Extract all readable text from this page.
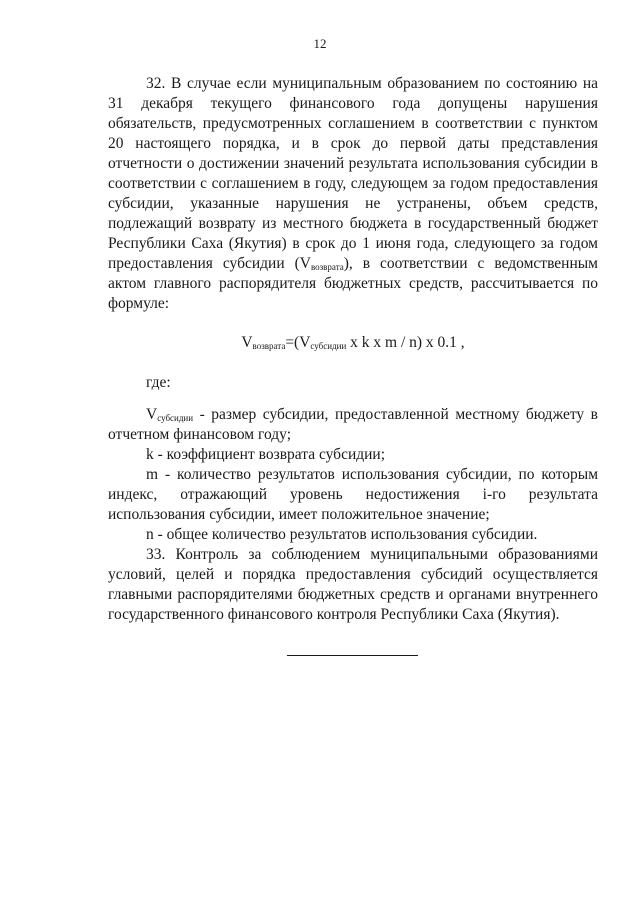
12

32. В случае если муниципальным образованием по состоянию на 31 декабря текущего финансового года допущены нарушения обязательств, предусмотренных соглашением в соответствии с пунктом 20 настоящего порядка, и в срок до первой даты представления отчетности о достижении значений результата использования субсидии в соответствии с соглашением в году, следующем за годом предоставления субсидии, указанные нарушения не устранены, объем средств, подлежащий возврату из местного бюджета в государственный бюджет Республики Саха (Якутия) в срок до 1 июня года, следующего за годом предоставления субсидии $(V_{возврата})$, в соответствии с ведомственным актом главного распорядителя бюджетных средств, рассчитывается по формуле:

$V_{возврата}=(V_{субсидии}$ x k x m / n) x 0.1 ,

где:

$V_{субсидии}$ - размер субсидии, предоставленной местному бюджету в отчетном финансовом году;

k - коэффициент возврата субсидии;

m - количество результатов использования субсидии, по которым индекс, отражающий уровень недостижения i-го результата использования субсидии, имеет положительное значение;

n - общее количество результатов использования субсидии.

33. Контроль за соблюдением муниципальными образованиями условий, целей и порядка предоставления субсидий осуществляется главными распорядителями бюджетных средств и органами внутреннего государственного финансового контроля Республики Саха (Якутия).
